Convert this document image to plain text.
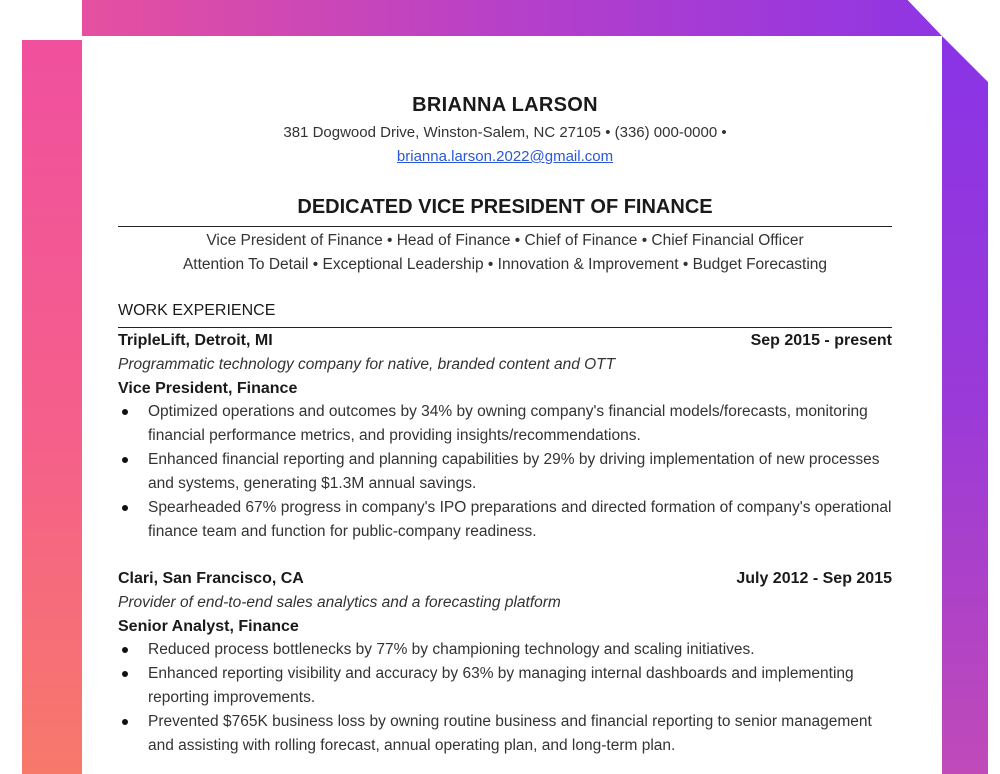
BRIANNA LARSON
381 Dogwood Drive, Winston-Salem, NC 27105 • (336) 000-0000 •
brianna.larson.2022@gmail.com
DEDICATED VICE PRESIDENT OF FINANCE
Vice President of Finance • Head of Finance • Chief of Finance • Chief Financial Officer
Attention To Detail • Exceptional Leadership • Innovation & Improvement • Budget Forecasting
WORK EXPERIENCE
TripleLift, Detroit, MI	Sep 2015 - present
Programmatic technology company for native, branded content and OTT
Vice President, Finance
Optimized operations and outcomes by 34% by owning company's financial models/forecasts, monitoring financial performance metrics, and providing insights/recommendations.
Enhanced financial reporting and planning capabilities by 29% by driving implementation of new processes and systems, generating $1.3M annual savings.
Spearheaded 67% progress in company's IPO preparations and directed formation of company's operational finance team and function for public-company readiness.
Clari, San Francisco, CA	July 2012 - Sep 2015
Provider of end-to-end sales analytics and a forecasting platform
Senior Analyst, Finance
Reduced process bottlenecks by 77% by championing technology and scaling initiatives.
Enhanced reporting visibility and accuracy by 63% by managing internal dashboards and implementing reporting improvements.
Prevented $765K business loss by owning routine business and financial reporting to senior management and assisting with rolling forecast, annual operating plan, and long-term plan.
